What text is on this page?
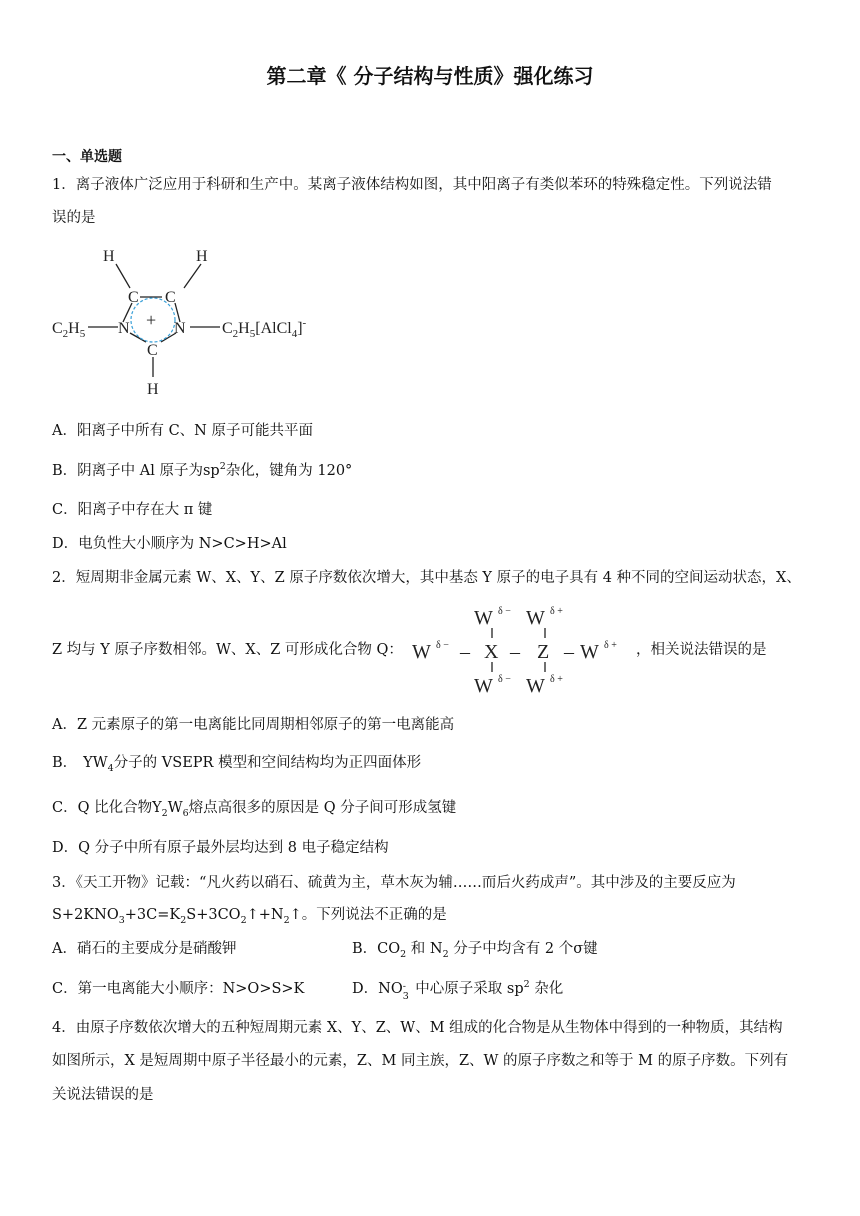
第二章《 分子结构与性质》强化练习
一、单选题
1．离子液体广泛应用于科研和生产中。某离子液体结构如图，其中阳离子有类似苯环的特殊稳定性。下列说法错
误的是
H	H
C C
+
N	N
C
H
$C_2H_5$	$C_2H_5[AlCl_4]^-$
A．阳离子中所有 C、N 原子可能共平面
B．阴离子中 Al 原子为$sp^2$杂化，键角为 120°
C．阳离子中存在大 π 键
D．电负性大小顺序为 N>C>H>Al
2．短周期非金属元素 W、X、Y、Z 原子序数依次增大，其中基态 Y 原子的电子具有 4 种不同的空间运动状态，X、
Z 均与 Y 原子序数相邻。W、X、Z 可形成化合物 Q：
W δ − W δ +
W δ − – X – Z – W δ +
W δ − W δ +
，相关说法错误的是
A．Z 元素原子的第一电离能比同周期相邻原子的第一电离能高
B． $YW_4$分子的 VSEPR 模型和空间结构均为正四面体形
C．Q 比化合物$Y_2W_6$熔点高很多的原因是 Q 分子间可形成氢键
D．Q 分子中所有原子最外层均达到 8 电子稳定结构
3．《天工开物》记载：“凡火药以硝石、硫黄为主，草木灰为辅……而后火药成声”。其中涉及的主要反应为
$S+2KNO_3+3C=K_2S+3CO_2↑+N_2↑$。下列说法不正确的是
A．硝石的主要成分是硝酸钾	B．$CO_2$ 和 $N_2$ 分子中均含有 2 个σ键
C．第一电离能大小顺序：N>O>S>K	D．NO -
3 中心原子采取 $sp^2$ 杂化
4．由原子序数依次增大的五种短周期元素 X、Y、Z、W、M 组成的化合物是从生物体中得到的一种物质，其结构
如图所示，X 是短周期中原子半径最小的元素，Z、M 同主族，Z、W 的原子序数之和等于 M 的原子序数。下列有
关说法错误的是
